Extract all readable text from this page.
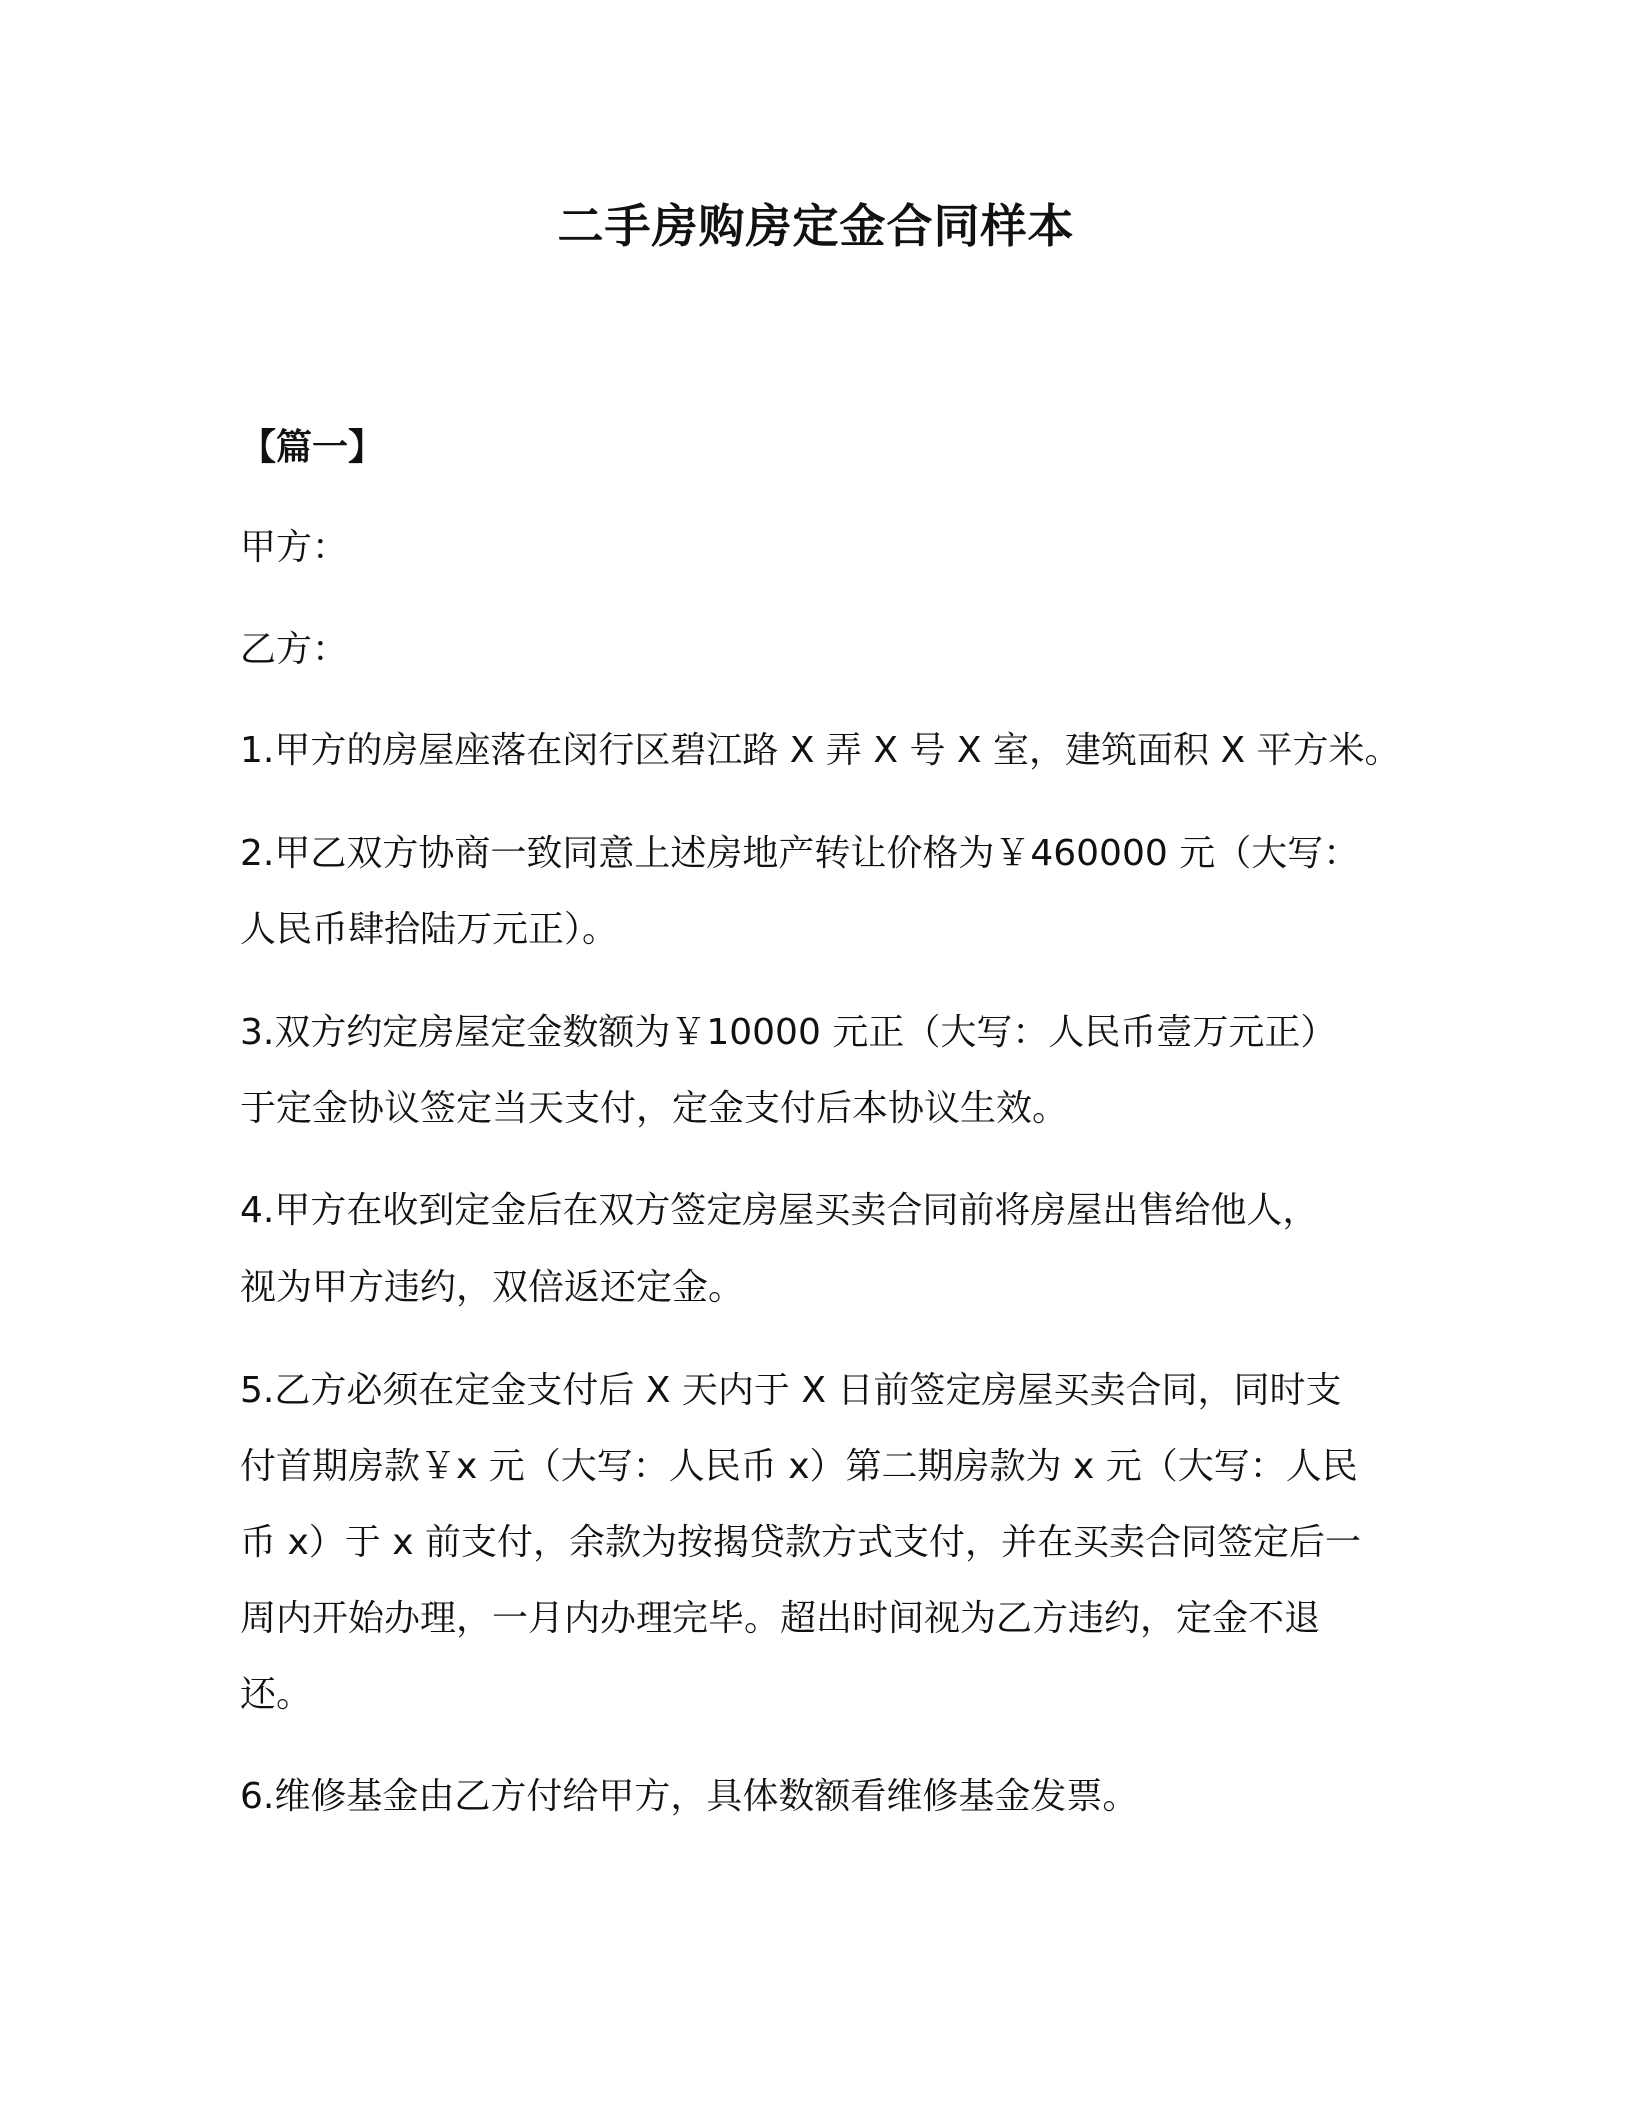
二手房购房定金合同样本
【篇一】
甲方：
乙方：
1.甲方的房屋座落在闵行区碧江路 X 弄 X 号 X 室，建筑面积 X 平方米。
2.甲乙双方协商一致同意上述房地产转让价格为￥460000 元（大写：
人民币肆拾陆万元正）。
3.双方约定房屋定金数额为￥10000 元正（大写：人民币壹万元正）
于定金协议签定当天支付，定金支付后本协议生效。
4.甲方在收到定金后在双方签定房屋买卖合同前将房屋出售给他人，
视为甲方违约，双倍返还定金。
5.乙方必须在定金支付后 X 天内于 X 日前签定房屋买卖合同，同时支
付首期房款￥x 元（大写：人民币 x）第二期房款为 x 元（大写：人民
币 x）于 x 前支付，余款为按揭贷款方式支付，并在买卖合同签定后一
周内开始办理，一月内办理完毕。超出时间视为乙方违约，定金不退
还。
6.维修基金由乙方付给甲方，具体数额看维修基金发票。
